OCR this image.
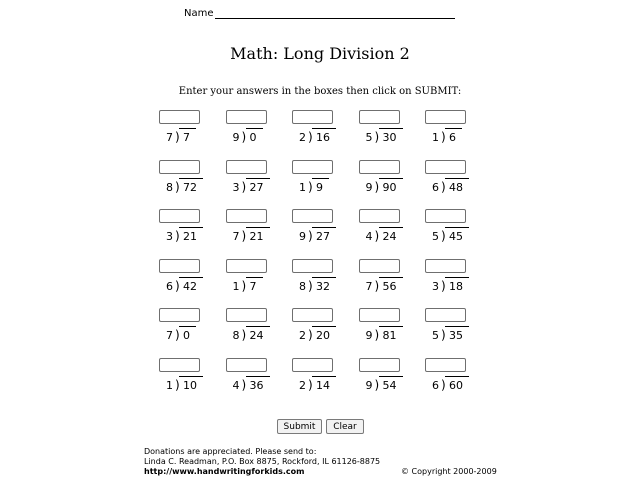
Name
Math: Long Division 2
Enter your answers in the boxes then click on SUBMIT:
7 ) 7	9 ) 0	2 ) 16	5 ) 30	1 ) 6
8 ) 72	3 ) 27	1 ) 9	9 ) 90	6 ) 48
3 ) 21	7 ) 21	9 ) 27	4 ) 24	5 ) 45
6 ) 42	1 ) 7	8 ) 32	7 ) 56	3 ) 18
7 ) 0	8 ) 24	2 ) 20	9 ) 81	5 ) 35
1 ) 10	4 ) 36	2 ) 14	9 ) 54	6 ) 60
Submit	Clear
Donations are appreciated. Please send to:
Linda C. Readman, P.O. Box 8875, Rockford, IL 61126-8875
http://www.handwritingforkids.com	© Copyright 2000-2009
